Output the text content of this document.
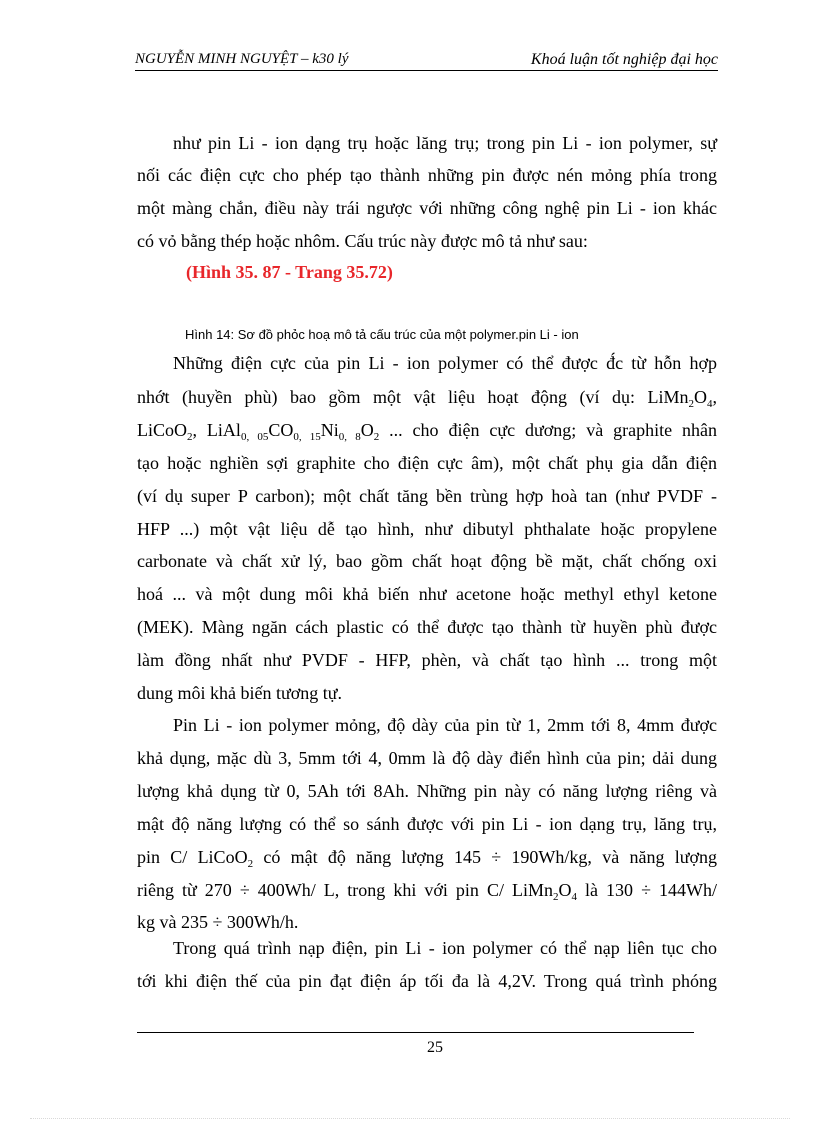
NGUYỄN MINH NGUYỆT – k30 lý	Khoá luận tốt nghiệp đại học
như pin Li - ion dạng trụ hoặc lăng trụ; trong pin Li - ion polymer, sự
nối các điện cực cho phép tạo thành những pin được nén mỏng phía trong
một màng chắn, điều này trái ngược với những công nghệ pin Li - ion khác
có vỏ bằng thép hoặc nhôm. Cấu trúc này được mô tả như sau:
(Hình 35. 87 - Trang 35.72)
Hình 14: Sơ đồ phỏc hoạ mô tả cấu trúc của một polymer.pin Li - ion
Những điện cực của pin Li - ion polymer có thể được đ́c từ hỗn hợp
nhớt (huyền phù) bao gồm một vật liệu hoạt động (ví dụ: $LiMn_2O_4$,
LiCoO$_2$, $LiAl_{0, 05}CO_{0, 15}Ni_{0, 8}O_2$ ... cho điện cực dương; và graphite nhân
tạo hoặc nghiền sợi graphite cho điện cực âm), một chất phụ gia dẫn điện
(ví dụ super P carbon); một chất tăng bền trùng hợp hoà tan (như PVDF -
HFP ...) một vật liệu dễ tạo hình, như dibutyl phthalate hoặc propylene
carbonate và chất xử lý, bao gồm chất hoạt động bề mặt, chất chống oxi
hoá ... và một dung môi khả biến như acetone hoặc methyl ethyl ketone
(MEK). Màng ngăn cách plastic có thể được tạo thành từ huyền phù được
làm đồng nhất như PVDF - HFP, phèn, và chất tạo hình ... trong một
dung môi khả biến tương tự.
Pin Li - ion polymer mỏng, độ dày của pin từ 1, 2mm tới 8, 4mm được
khả dụng, mặc dù 3, 5mm tới 4, 0mm là độ dày điển hình của pin; dải dung
lượng khả dụng từ 0, 5Ah tới 8Ah. Những pin này có năng lượng riêng và
mật độ năng lượng có thể so sánh được với pin Li - ion dạng trụ, lăng trụ,
pin C/ LiCoO$_2$ có mật độ năng lượng 145 ÷ 190Wh/kg, và năng lượng
riêng từ 270 ÷ 400Wh/ L, trong khi với pin C/ $LiMn_2O_4$ là 130 ÷ 144Wh/
kg và 235 ÷ 300Wh/h.
Trong quá trình nạp điện, pin Li - ion polymer có thể nạp liên tục cho
tới khi điện thế của pin đạt điện áp tối đa là 4,2V. Trong quá trình phóng
25
